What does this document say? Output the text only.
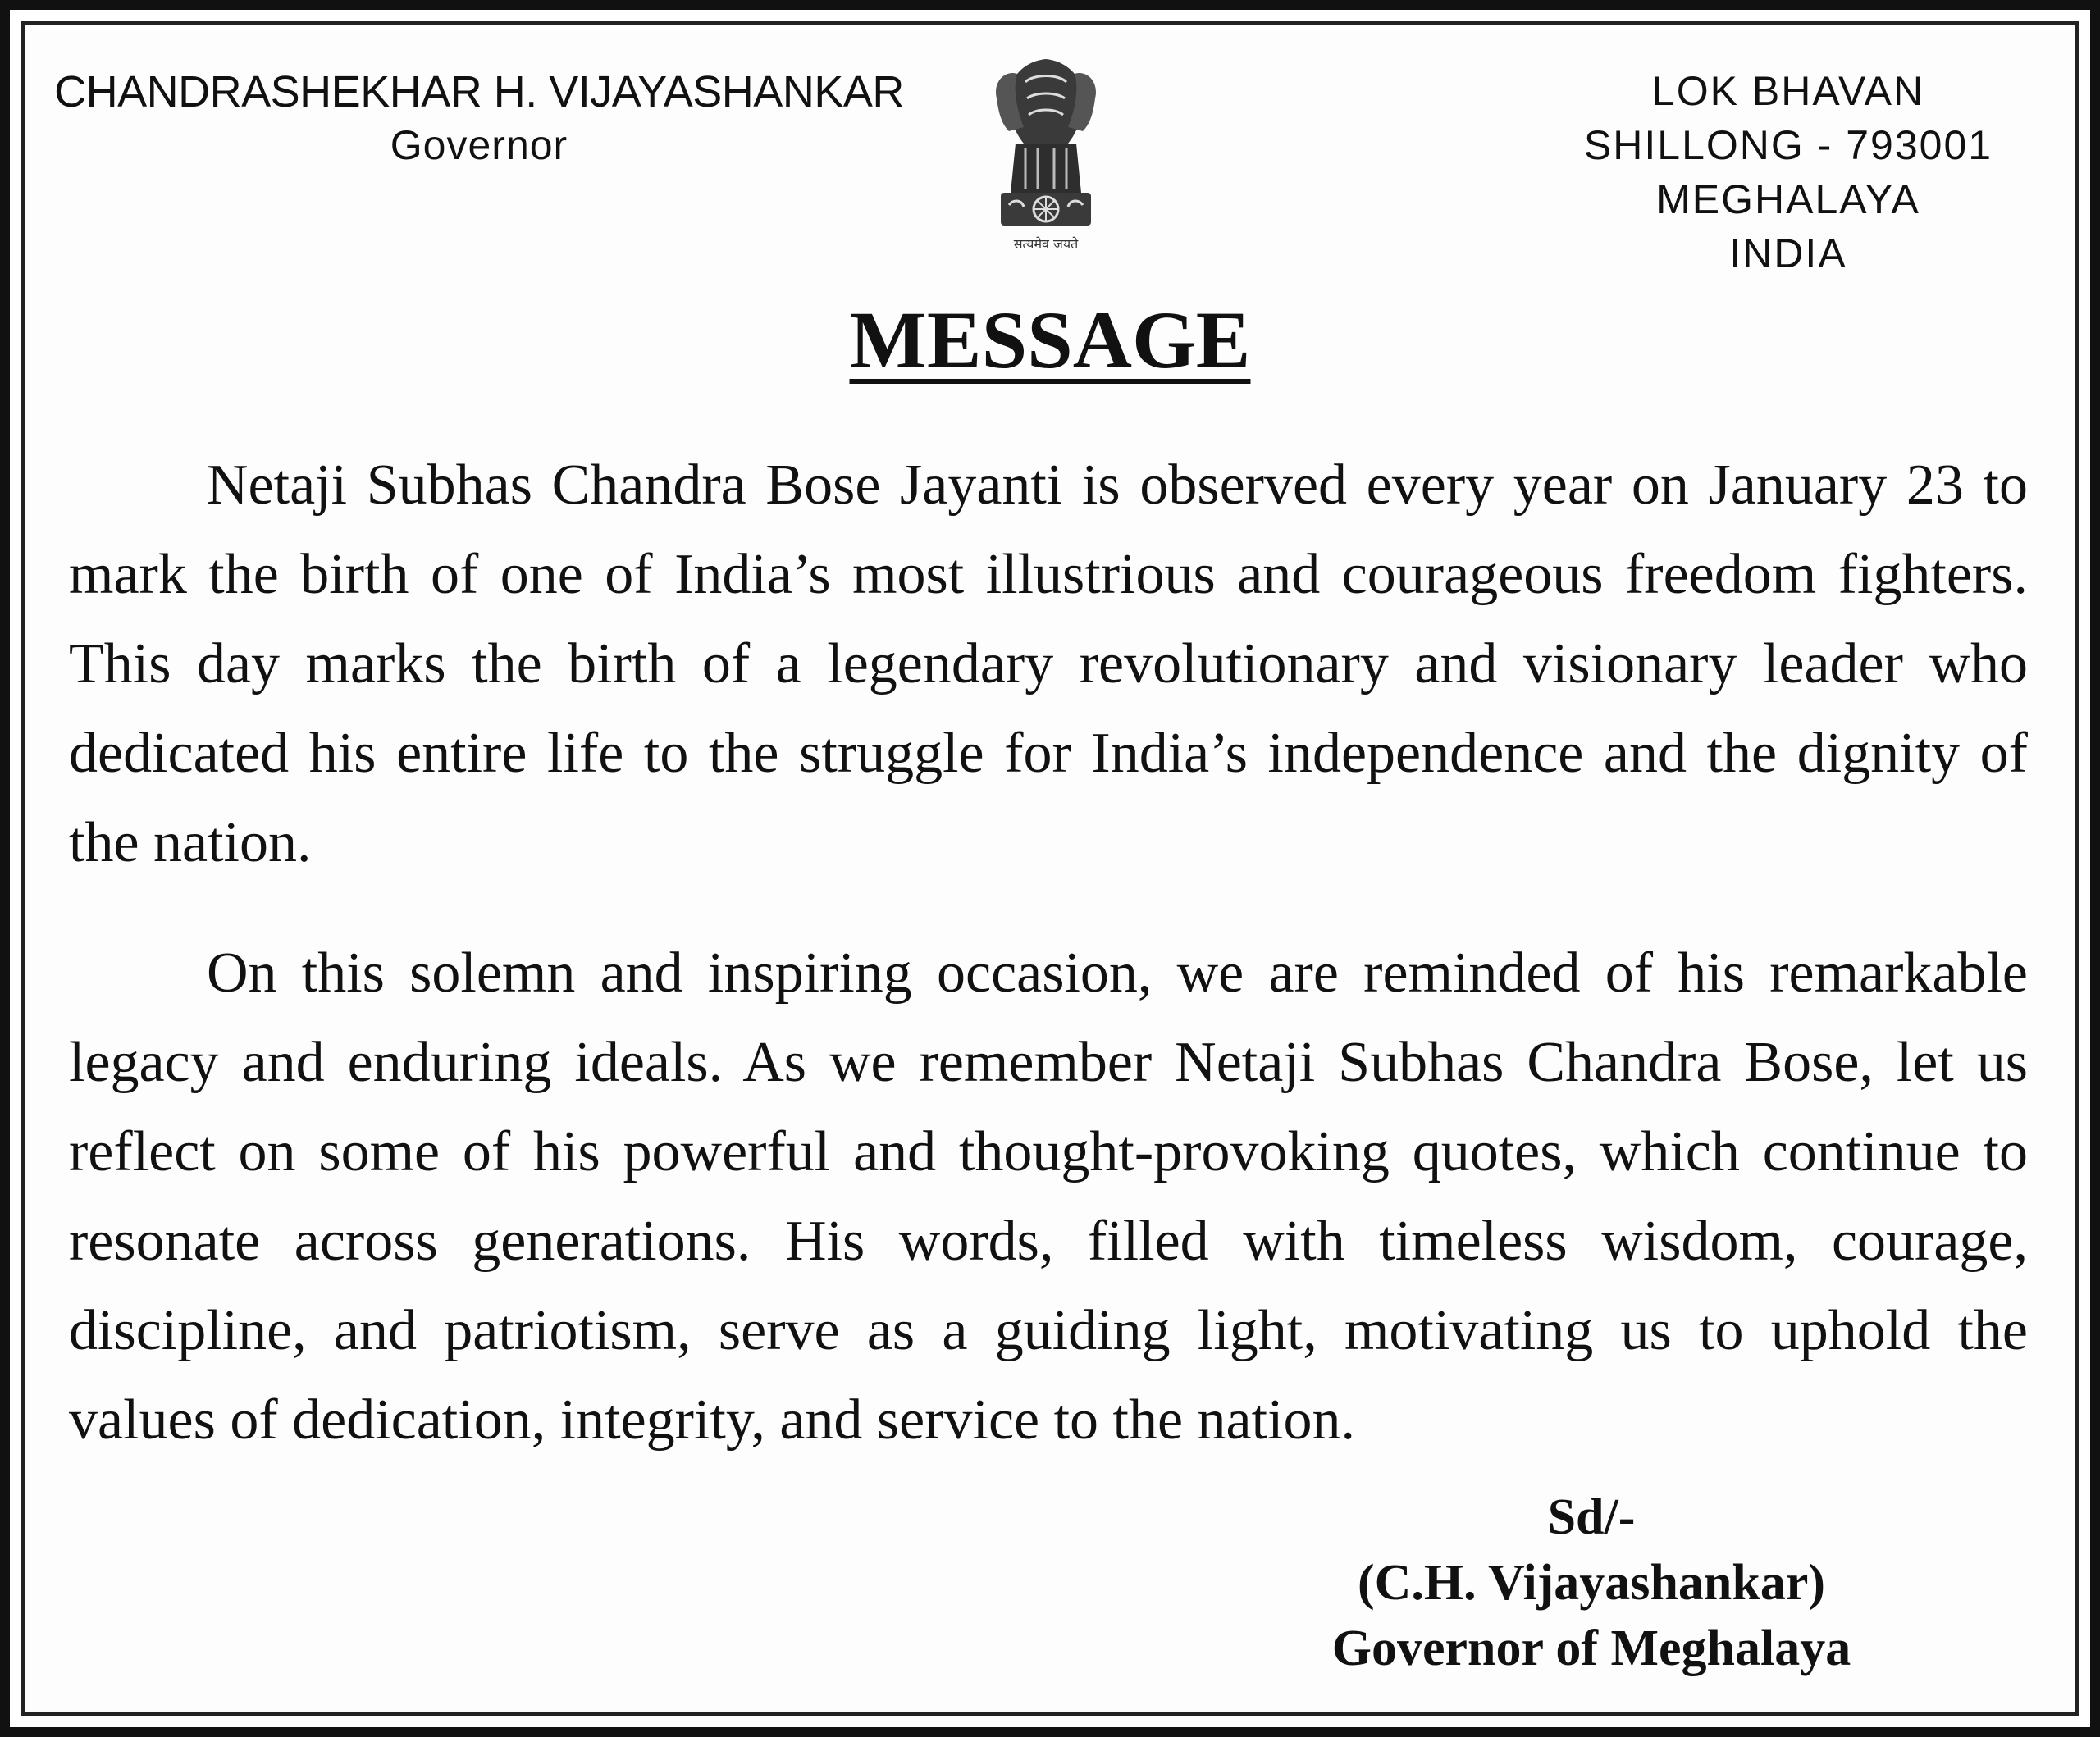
CHANDRASHEKHAR H. VIJAYASHANKAR
Governor
सत्यमेव जयते
LOK BHAVAN
SHILLONG - 793001
MEGHALAYA
INDIA
MESSAGE

Netaji Subhas Chandra Bose Jayanti is observed every year on January 23 to mark the birth of one of India’s most illustrious and courageous freedom fighters. This day marks the birth of a legendary revolutionary and visionary leader who dedicated his entire life to the struggle for India’s independence and the dignity of the nation.

On this solemn and inspiring occasion, we are reminded of his remarkable legacy and enduring ideals. As we remember Netaji Subhas Chandra Bose, let us reflect on some of his powerful and thought-provoking quotes, which continue to resonate across generations. His words, filled with timeless wisdom, courage, discipline, and patriotism, serve as a guiding light, motivating us to uphold the values of dedication, integrity, and service to the nation.

Sd/-
(C.H. Vijayashankar)
Governor of Meghalaya
